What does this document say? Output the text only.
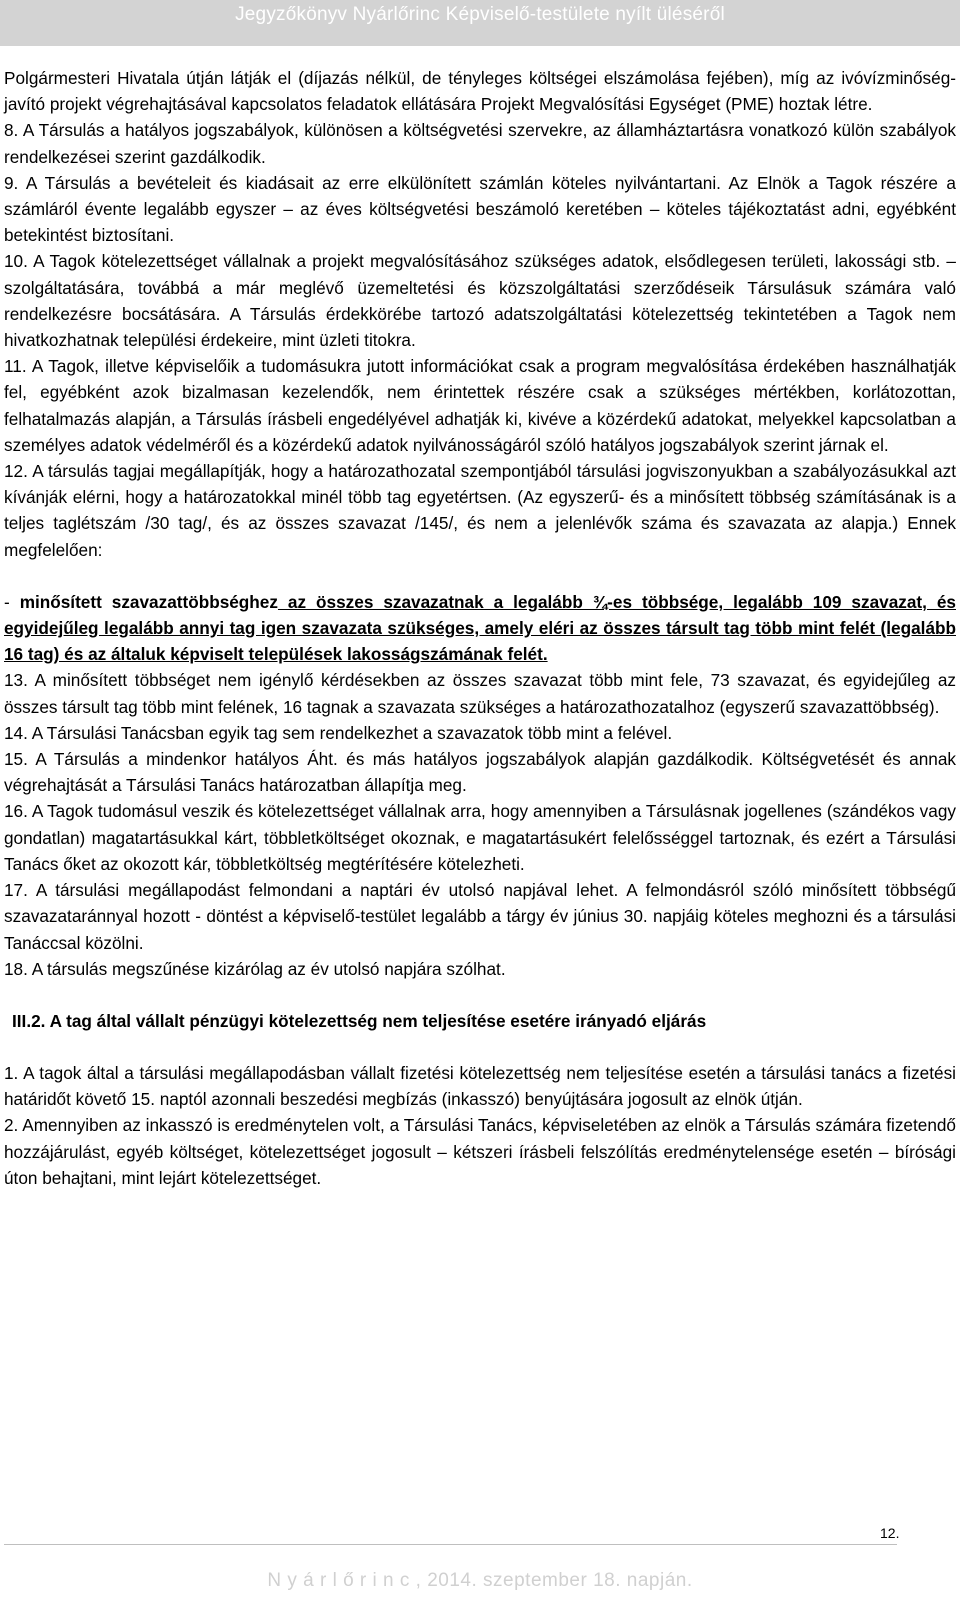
Jegyzőkönyv Nyárlőrinc Képviselő-testülete nyílt üléséről

Polgármesteri Hivatala útján látják el (díjazás nélkül, de tényleges költségei elszámolása fejében), míg az ivóvízminőség-javító projekt végrehajtásával kapcsolatos feladatok ellátására Projekt Megvalósítási Egységet (PME) hoztak létre.

8. A Társulás a hatályos jogszabályok, különösen a költségvetési szervekre, az államháztartásra vonatkozó külön szabályok rendelkezései szerint gazdálkodik.

9. A Társulás a bevételeit és kiadásait az erre elkülönített számlán köteles nyilvántartani. Az Elnök a Tagok részére a számláról évente legalább egyszer – az éves költségvetési beszámoló keretében – köteles tájékoztatást adni, egyébként betekintést biztosítani.

10. A Tagok kötelezettséget vállalnak a projekt megvalósításához szükséges adatok, elsődlegesen területi, lakossági stb. – szolgáltatására, továbbá a már meglévő üzemeltetési és közszolgáltatási szerződéseik Társulásuk számára való rendelkezésre bocsátására. A Társulás érdekkörébe tartozó adatszolgáltatási kötelezettség tekintetében a Tagok nem hivatkozhatnak települési érdekeire, mint üzleti titokra.

11. A Tagok, illetve képviselőik a tudomásukra jutott információkat csak a program megvalósítása érdekében használhatják fel, egyébként azok bizalmasan kezelendők, nem érintettek részére csak a szükséges mértékben, korlátozottan, felhatalmazás alapján, a Társulás írásbeli engedélyével adhatják ki, kivéve a közérdekű adatokat, melyekkel kapcsolatban a személyes adatok védelméről és a közérdekű adatok nyilvánosságáról szóló hatályos jogszabályok szerint járnak el.

12. A társulás tagjai megállapítják, hogy a határozathozatal szempontjából társulási jogviszonyukban a szabályozásukkal azt kívánják elérni, hogy a határozatokkal minél több tag egyetértsen. (Az egyszerű- és a minősített többség számításának is a teljes taglétszám /30 tag/, és az összes szavazat /145/, és nem a jelenlévők száma és szavazata az alapja.) Ennek megfelelően:

- minősített szavazattöbbséghez az összes szavazatnak a legalább ¾-es többsége, legalább 109 szavazat, és egyidejűleg legalább annyi tag igen szavazata szükséges, amely eléri az összes társult tag több mint felét (legalább 16 tag) és az általuk képviselt települések lakosságszámának felét.

13. A minősített többséget nem igénylő kérdésekben az összes szavazat több mint fele, 73 szavazat, és egyidejűleg az összes társult tag több mint felének, 16 tagnak a szavazata szükséges a határozathozatalhoz (egyszerű szavazattöbbség).

14. A Társulási Tanácsban egyik tag sem rendelkezhet a szavazatok több mint a felével.

15. A Társulás a mindenkor hatályos Áht. és más hatályos jogszabályok alapján gazdálkodik. Költségvetését és annak végrehajtását a Társulási Tanács határozatban állapítja meg.

16. A Tagok tudomásul veszik és kötelezettséget vállalnak arra, hogy amennyiben a Társulásnak jogellenes (szándékos vagy gondatlan) magatartásukkal kárt, többletköltséget okoznak, e magatartásukért felelősséggel tartoznak, és ezért a Társulási Tanács őket az okozott kár, többletköltség megtérítésére kötelezheti.

17. A társulási megállapodást felmondani a naptári év utolsó napjával lehet. A felmondásról szóló minősített többségű szavazataránnyal hozott - döntést a képviselő-testület legalább a tárgy év június 30. napjáig köteles meghozni és a társulási Tanáccsal közölni.

18. A társulás megszűnése kizárólag az év utolsó napjára szólhat.

III.2. A tag által vállalt pénzügyi kötelezettség nem teljesítése esetére irányadó eljárás

1. A tagok által a társulási megállapodásban vállalt fizetési kötelezettség nem teljesítése esetén a társulási tanács a fizetési határidőt követő 15. naptól azonnali beszedési megbízás (inkasszó) benyújtására jogosult az elnök útján.

2. Amennyiben az inkasszó is eredménytelen volt, a Társulási Tanács, képviseletében az elnök a Társulás számára fizetendő hozzájárulást, egyéb költséget, kötelezettséget jogosult – kétszeri írásbeli felszólítás eredménytelensége esetén – bírósági úton behajtani, mint lejárt kötelezettséget.

12.
N y á r l ő r i n c , 2014. szeptember 18. napján.
